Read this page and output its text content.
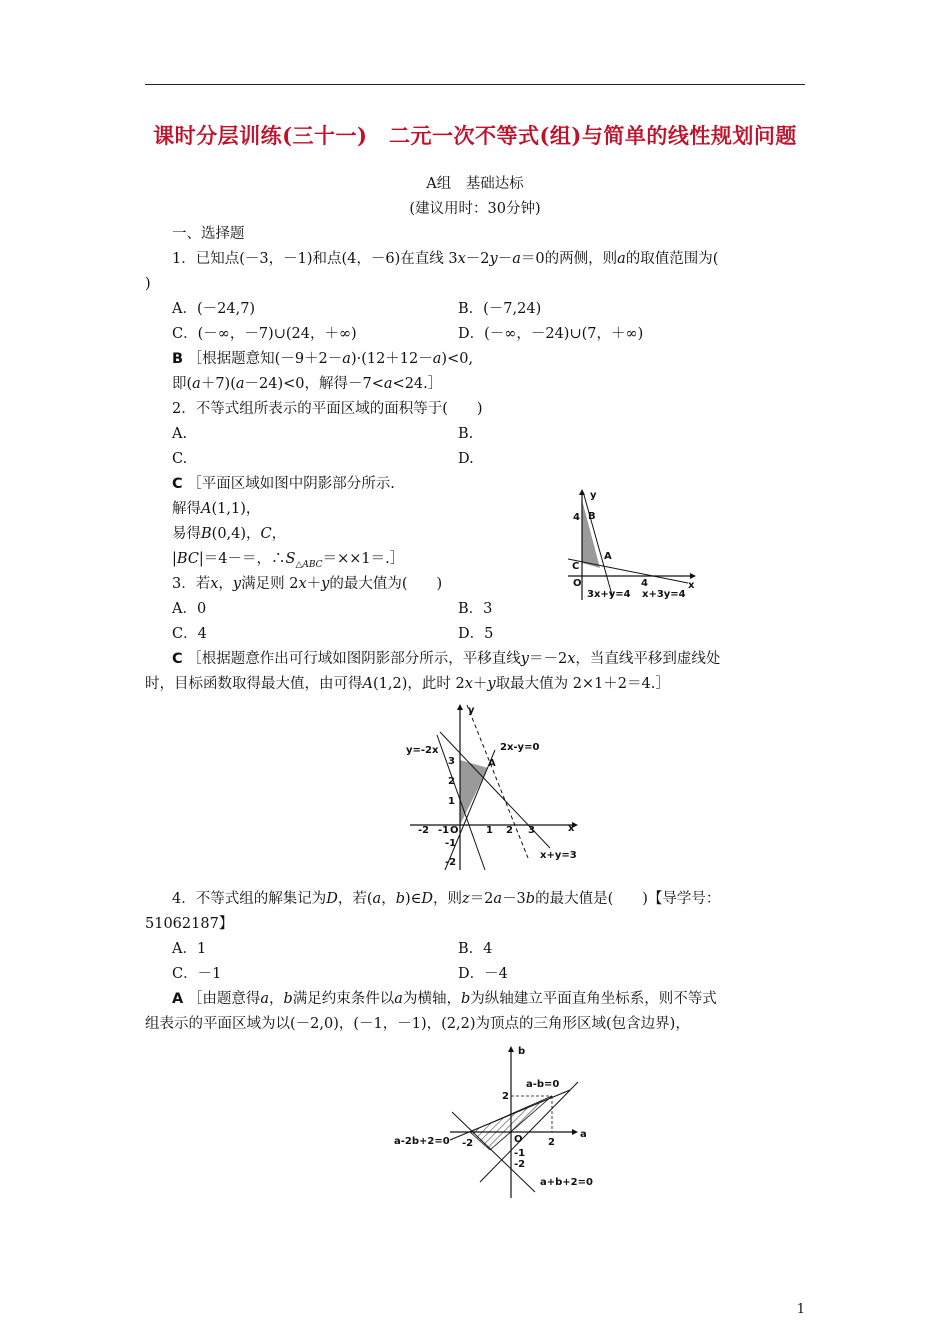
课时分层训练(三十一)　二元一次不等式(组)与简单的线性规划问题
A组　基础达标
(建议用时：30分钟)
一、选择题
1．已知点(－3，－1)和点(4，－6)在直线 3x－2y－a＝0的两侧，则a的取值范围为(
)
A．(－24,7)	B．(－7,24)
C．(－∞，－7)∪(24，＋∞)	D．(－∞，－24)∪(7，＋∞)
B ［根据题意知(－9＋2－a)·(12＋12－a)<0,
即(a＋7)(a－24)<0，解得－7<a<24.］
2．不等式组所表示的平面区域的面积等于(　　)
A.	B.
C.	D.
C ［平面区域如图中阴影部分所示.
解得A(1,1)，
易得B(0,4)，C，
|BC|＝4－＝，$\therefore S_{\triangle ABC}=\times\times 1=.]$
y
x
B
4
A
C
O	4
3x+y=4 x+3y=4
3．若x，y满足则 2x＋y的最大值为(　　)
A．0	B．3
C．4	D．5
C ［根据题意作出可行域如图阴影部分所示，平移直线y＝－2x，当直线平移到虚线处
时，目标函数取得最大值，由可得A(1,2)，此时 2x＋y取最大值为 2×1＋2＝4.］
y
x
y=-2x	2x-y=0
x+y=3
A
O
3
2
1
-1
-2
-2 -1	1 2 3
4．不等式组的解集记为D，若(a，b)∈D，则z＝2a－3b的最大值是(　　)【导学号：
51062187】
A．1	B．4
C．－1	D．－4
A ［由题意得a，b满足约束条件以a为横轴，b为纵轴建立平面直角坐标系，则不等式
组表示的平面区域为以(－2,0)，(－1，－1)，(2,2)为顶点的三角形区域(包含边界)，
b
a
a-b=0
a-2b+2=0
a+b+2=0
2
2
-2	O
-1
-2
1
